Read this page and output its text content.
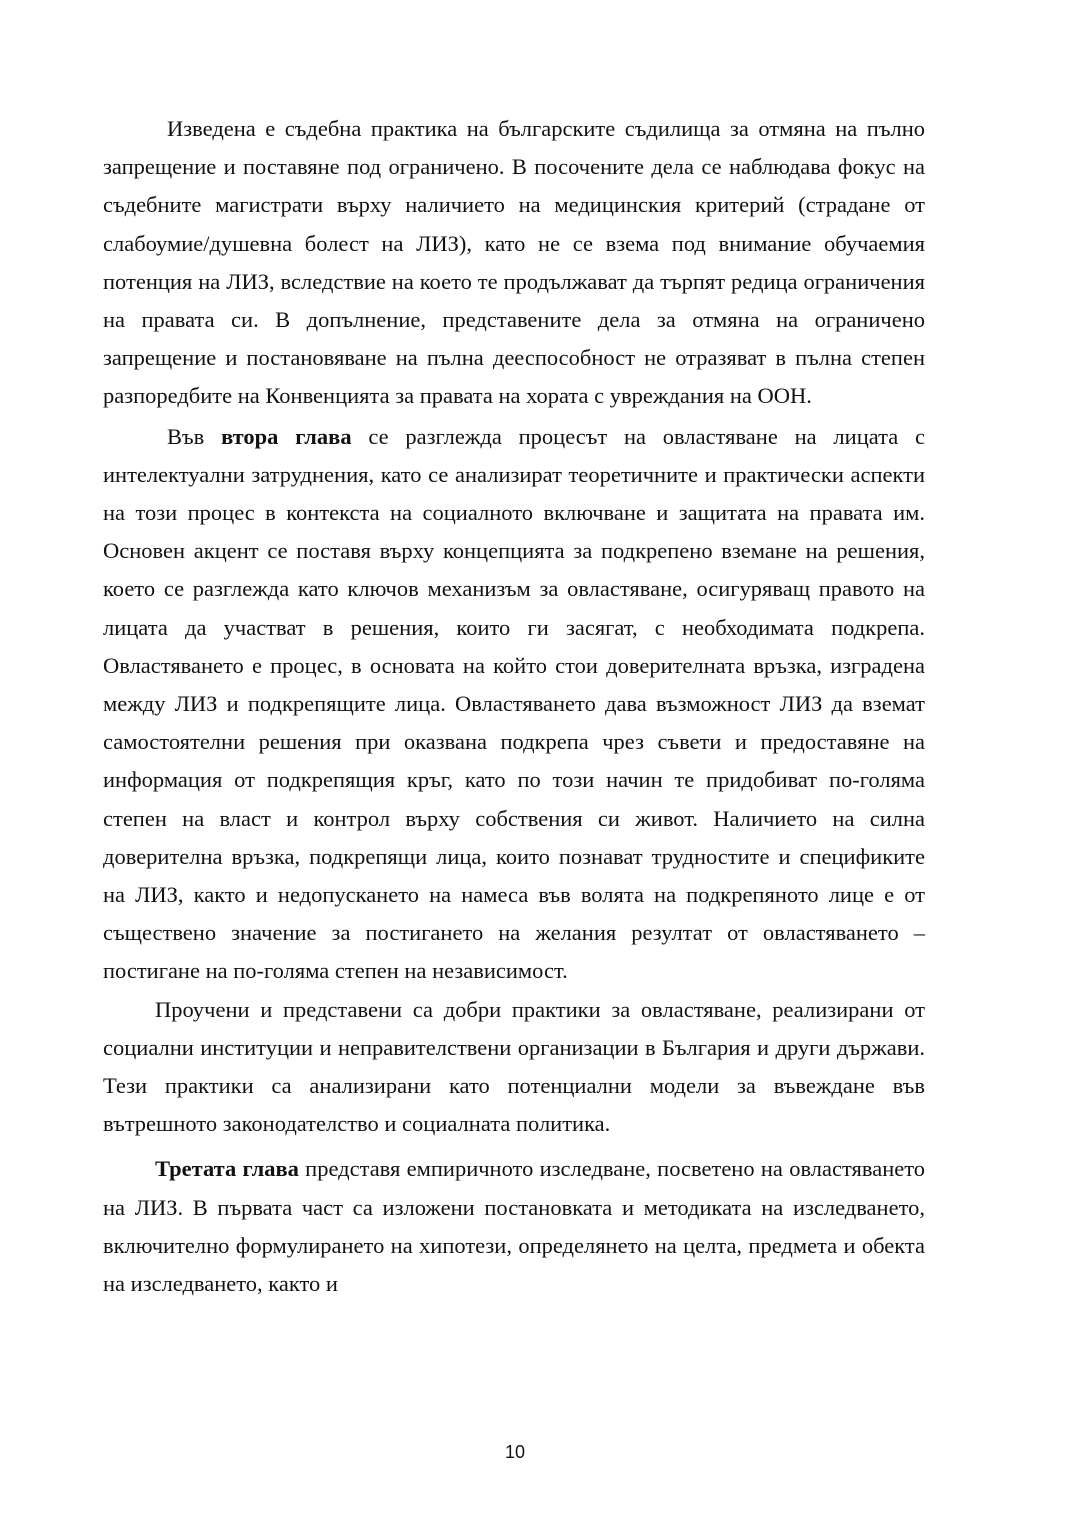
Изведена е съдебна практика на българските съдилища за отмяна на пълно запрещение и поставяне под ограничено. В посочените дела се наблюдава фокус на съдебните магистрати върху наличието на медицинския критерий (страдане от слабоумие/душевна болест на ЛИЗ), като не се взема под внимание обучаемия потенция на ЛИЗ, вследствие на което те продължават да търпят редица ограничения на правата си. В допълнение, представените дела за отмяна на ограничено запрещение и постановяване на пълна дееспособност не отразяват в пълна степен разпоредбите на Конвенцията за правата на хората с увреждания на ООН.

Във втора глава се разглежда процесът на овластяване на лицата с интелектуални затруднения, като се анализират теоретичните и практически аспекти на този процес в контекста на социалното включване и защитата на правата им. Основен акцент се поставя върху концепцията за подкрепено вземане на решения, което се разглежда като ключов механизъм за овластяване, осигуряващ правото на лицата да участват в решения, които ги засягат, с необходимата подкрепа. Овластяването е процес, в основата на който стои доверителната връзка, изградена между ЛИЗ и подкрепящите лица. Овластяването дава възможност ЛИЗ да вземат самостоятелни решения при оказвана подкрепа чрез съвети и предоставяне на информация от подкрепящия кръг, като по този начин те придобиват по-голяма степен на власт и контрол върху собствения си живот. Наличието на силна доверителна връзка, подкрепящи лица, които познават трудностите и спецификите на ЛИЗ, както и недопускането на намеса във волята на подкрепяното лице е от съществено значение за постигането на желания резултат от овластяването – постигане на по-голяма степен на независимост.

Проучени и представени са добри практики за овластяване, реализирани от социални институции и неправителствени организации в България и други държави. Тези практики са анализирани като потенциални модели за въвеждане във вътрешното законодателство и социалната политика.

Третата глава представя емпиричното изследване, посветено на овластяването на ЛИЗ. В първата част са изложени постановката и методиката на изследването, включително формулирането на хипотези, определянето на целта, предмета и обекта на изследването, както и

10
